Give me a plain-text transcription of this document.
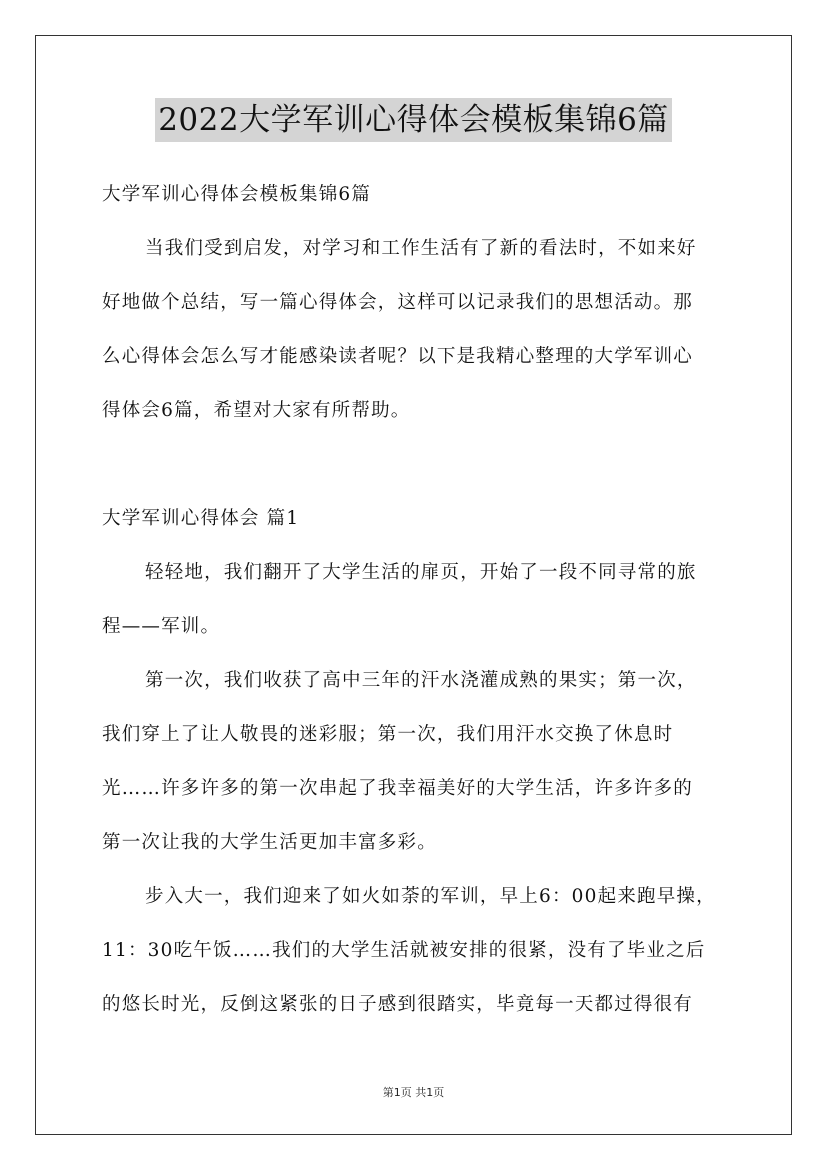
2022大学军训心得体会模板集锦6篇
大学军训心得体会模板集锦6篇
当我们受到启发，对学习和工作生活有了新的看法时，不如来好
好地做个总结，写一篇心得体会，这样可以记录我们的思想活动。那
么心得体会怎么写才能感染读者呢？以下是我精心整理的大学军训心
得体会6篇，希望对大家有所帮助。
大学军训心得体会 篇1
轻轻地，我们翻开了大学生活的扉页，开始了一段不同寻常的旅
程——军训。
第一次，我们收获了高中三年的汗水浇灌成熟的果实；第一次，
我们穿上了让人敬畏的迷彩服；第一次，我们用汗水交换了休息时
光……许多许多的第一次串起了我幸福美好的大学生活，许多许多的
第一次让我的大学生活更加丰富多彩。
步入大一，我们迎来了如火如荼的军训，早上6：00起来跑早操，
11：30吃午饭……我们的大学生活就被安排的很紧，没有了毕业之后
的悠长时光，反倒这紧张的日子感到很踏实，毕竟每一天都过得很有
第1页 共1页
